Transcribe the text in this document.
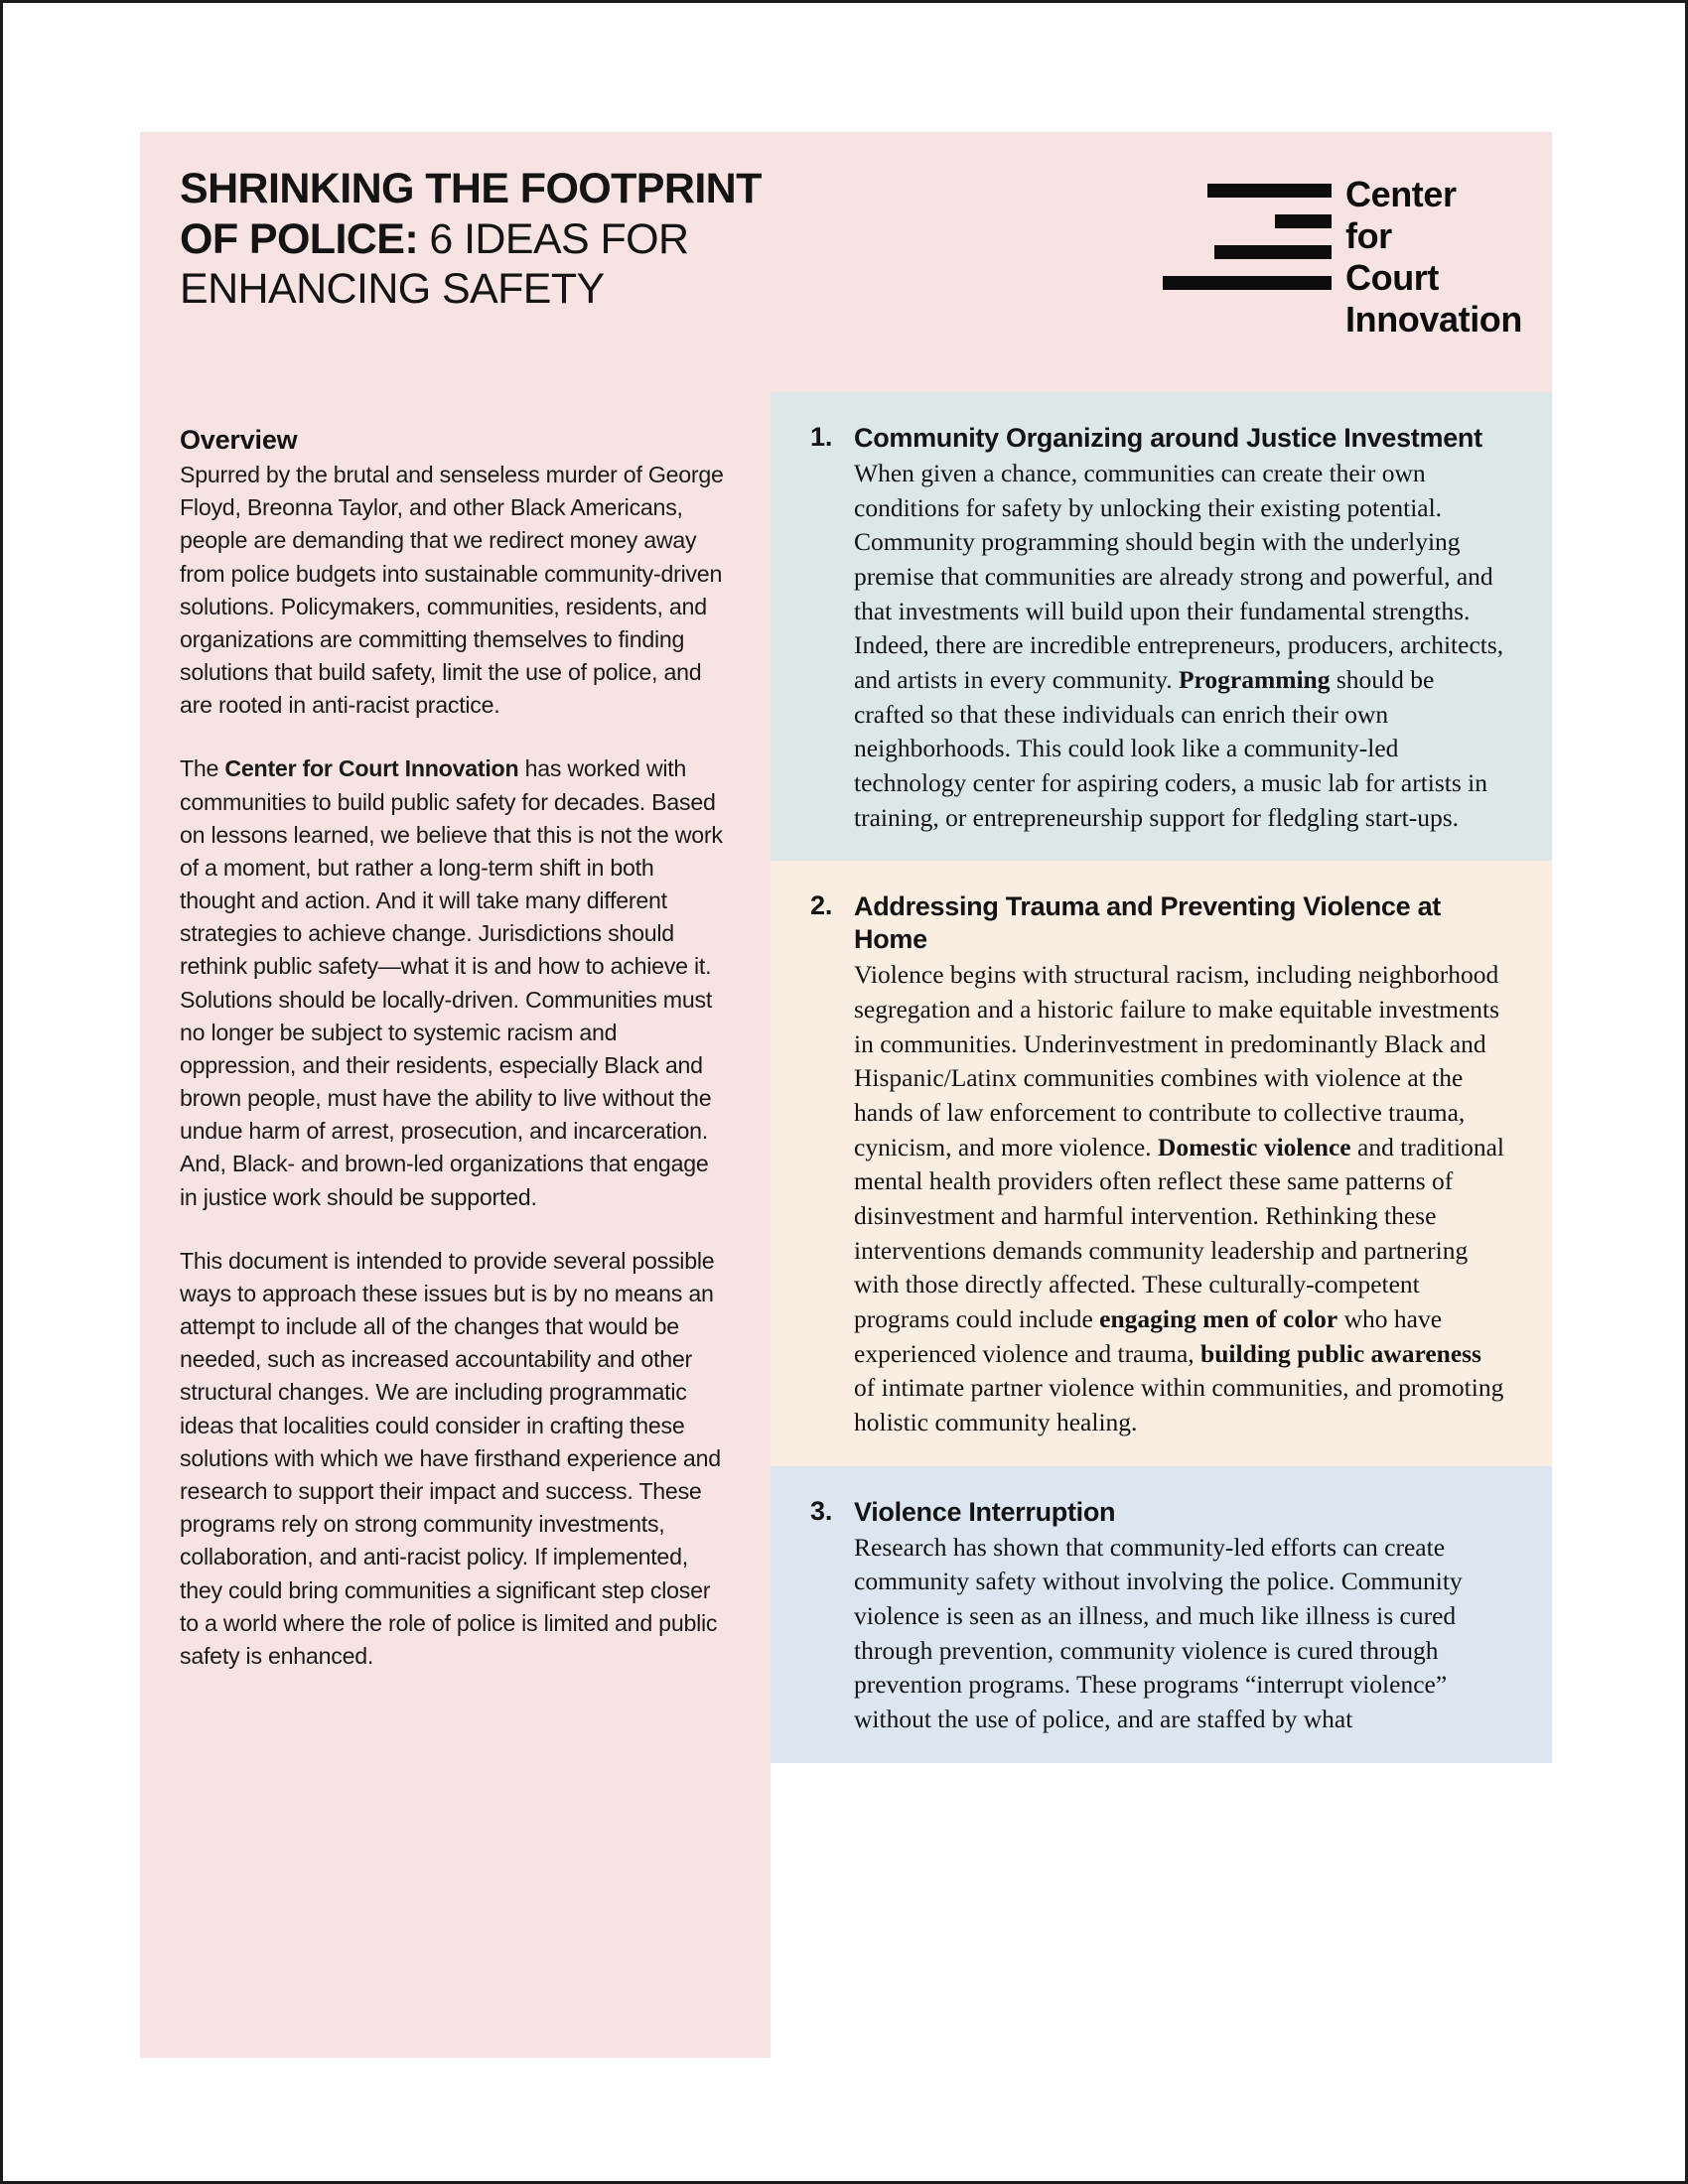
SHRINKING THE FOOTPRINT
OF POLICE: 6 IDEAS FOR
ENHANCING SAFETY
Center
for
Court
Innovation
Overview

Spurred by the brutal and senseless murder of George Floyd, Breonna Taylor, and other Black Americans, people are demanding that we redirect money away from police budgets into sustainable community-driven solutions. Policymakers, communities, residents, and organizations are committing themselves to finding solutions that build safety, limit the use of police, and are rooted in anti-racist practice.

The Center for Court Innovation has worked with communities to build public safety for decades. Based on lessons learned, we believe that this is not the work of a moment, but rather a long-term shift in both thought and action. And it will take many different strategies to achieve change. Jurisdictions should rethink public safety—what it is and how to achieve it. Solutions should be locally-driven. Communities must no longer be subject to systemic racism and oppression, and their residents, especially Black and brown people, must have the ability to live without the undue harm of arrest, prosecution, and incarceration. And, Black- and brown-led organizations that engage in justice work should be supported.

This document is intended to provide several possible ways to approach these issues but is by no means an attempt to include all of the changes that would be needed, such as increased accountability and other structural changes. We are including programmatic ideas that localities could consider in crafting these solutions with which we have firsthand experience and research to support their impact and success. These programs rely on strong community investments, collaboration, and anti-racist policy. If implemented, they could bring communities a significant step closer to a world where the role of police is limited and public safety is enhanced.

1. Community Organizing around Justice Investment
When given a chance, communities can create their own conditions for safety by unlocking their existing potential. Community programming should begin with the underlying premise that communities are already strong and powerful, and that investments will build upon their fundamental strengths. Indeed, there are incredible entrepreneurs, producers, architects, and artists in every community. Programming should be crafted so that these individuals can enrich their own neighborhoods. This could look like a community-led technology center for aspiring coders, a music lab for artists in training, or entrepreneurship support for fledgling start-ups.
2. Addressing Trauma and Preventing Violence at Home
Violence begins with structural racism, including neighborhood segregation and a historic failure to make equitable investments in communities. Underinvestment in predominantly Black and Hispanic/Latinx communities combines with violence at the hands of law enforcement to contribute to collective trauma, cynicism, and more violence. Domestic violence and traditional mental health providers often reflect these same patterns of disinvestment and harmful intervention. Rethinking these interventions demands community leadership and partnering with those directly affected. These culturally-competent programs could include engaging men of color who have experienced violence and trauma, building public awareness of intimate partner violence within communities, and promoting holistic community healing.
3. Violence Interruption
Research has shown that community-led efforts can create community safety without involving the police. Community violence is seen as an illness, and much like illness is cured through prevention, community violence is cured through prevention programs. These programs “interrupt violence” without the use of police, and are staffed by what
